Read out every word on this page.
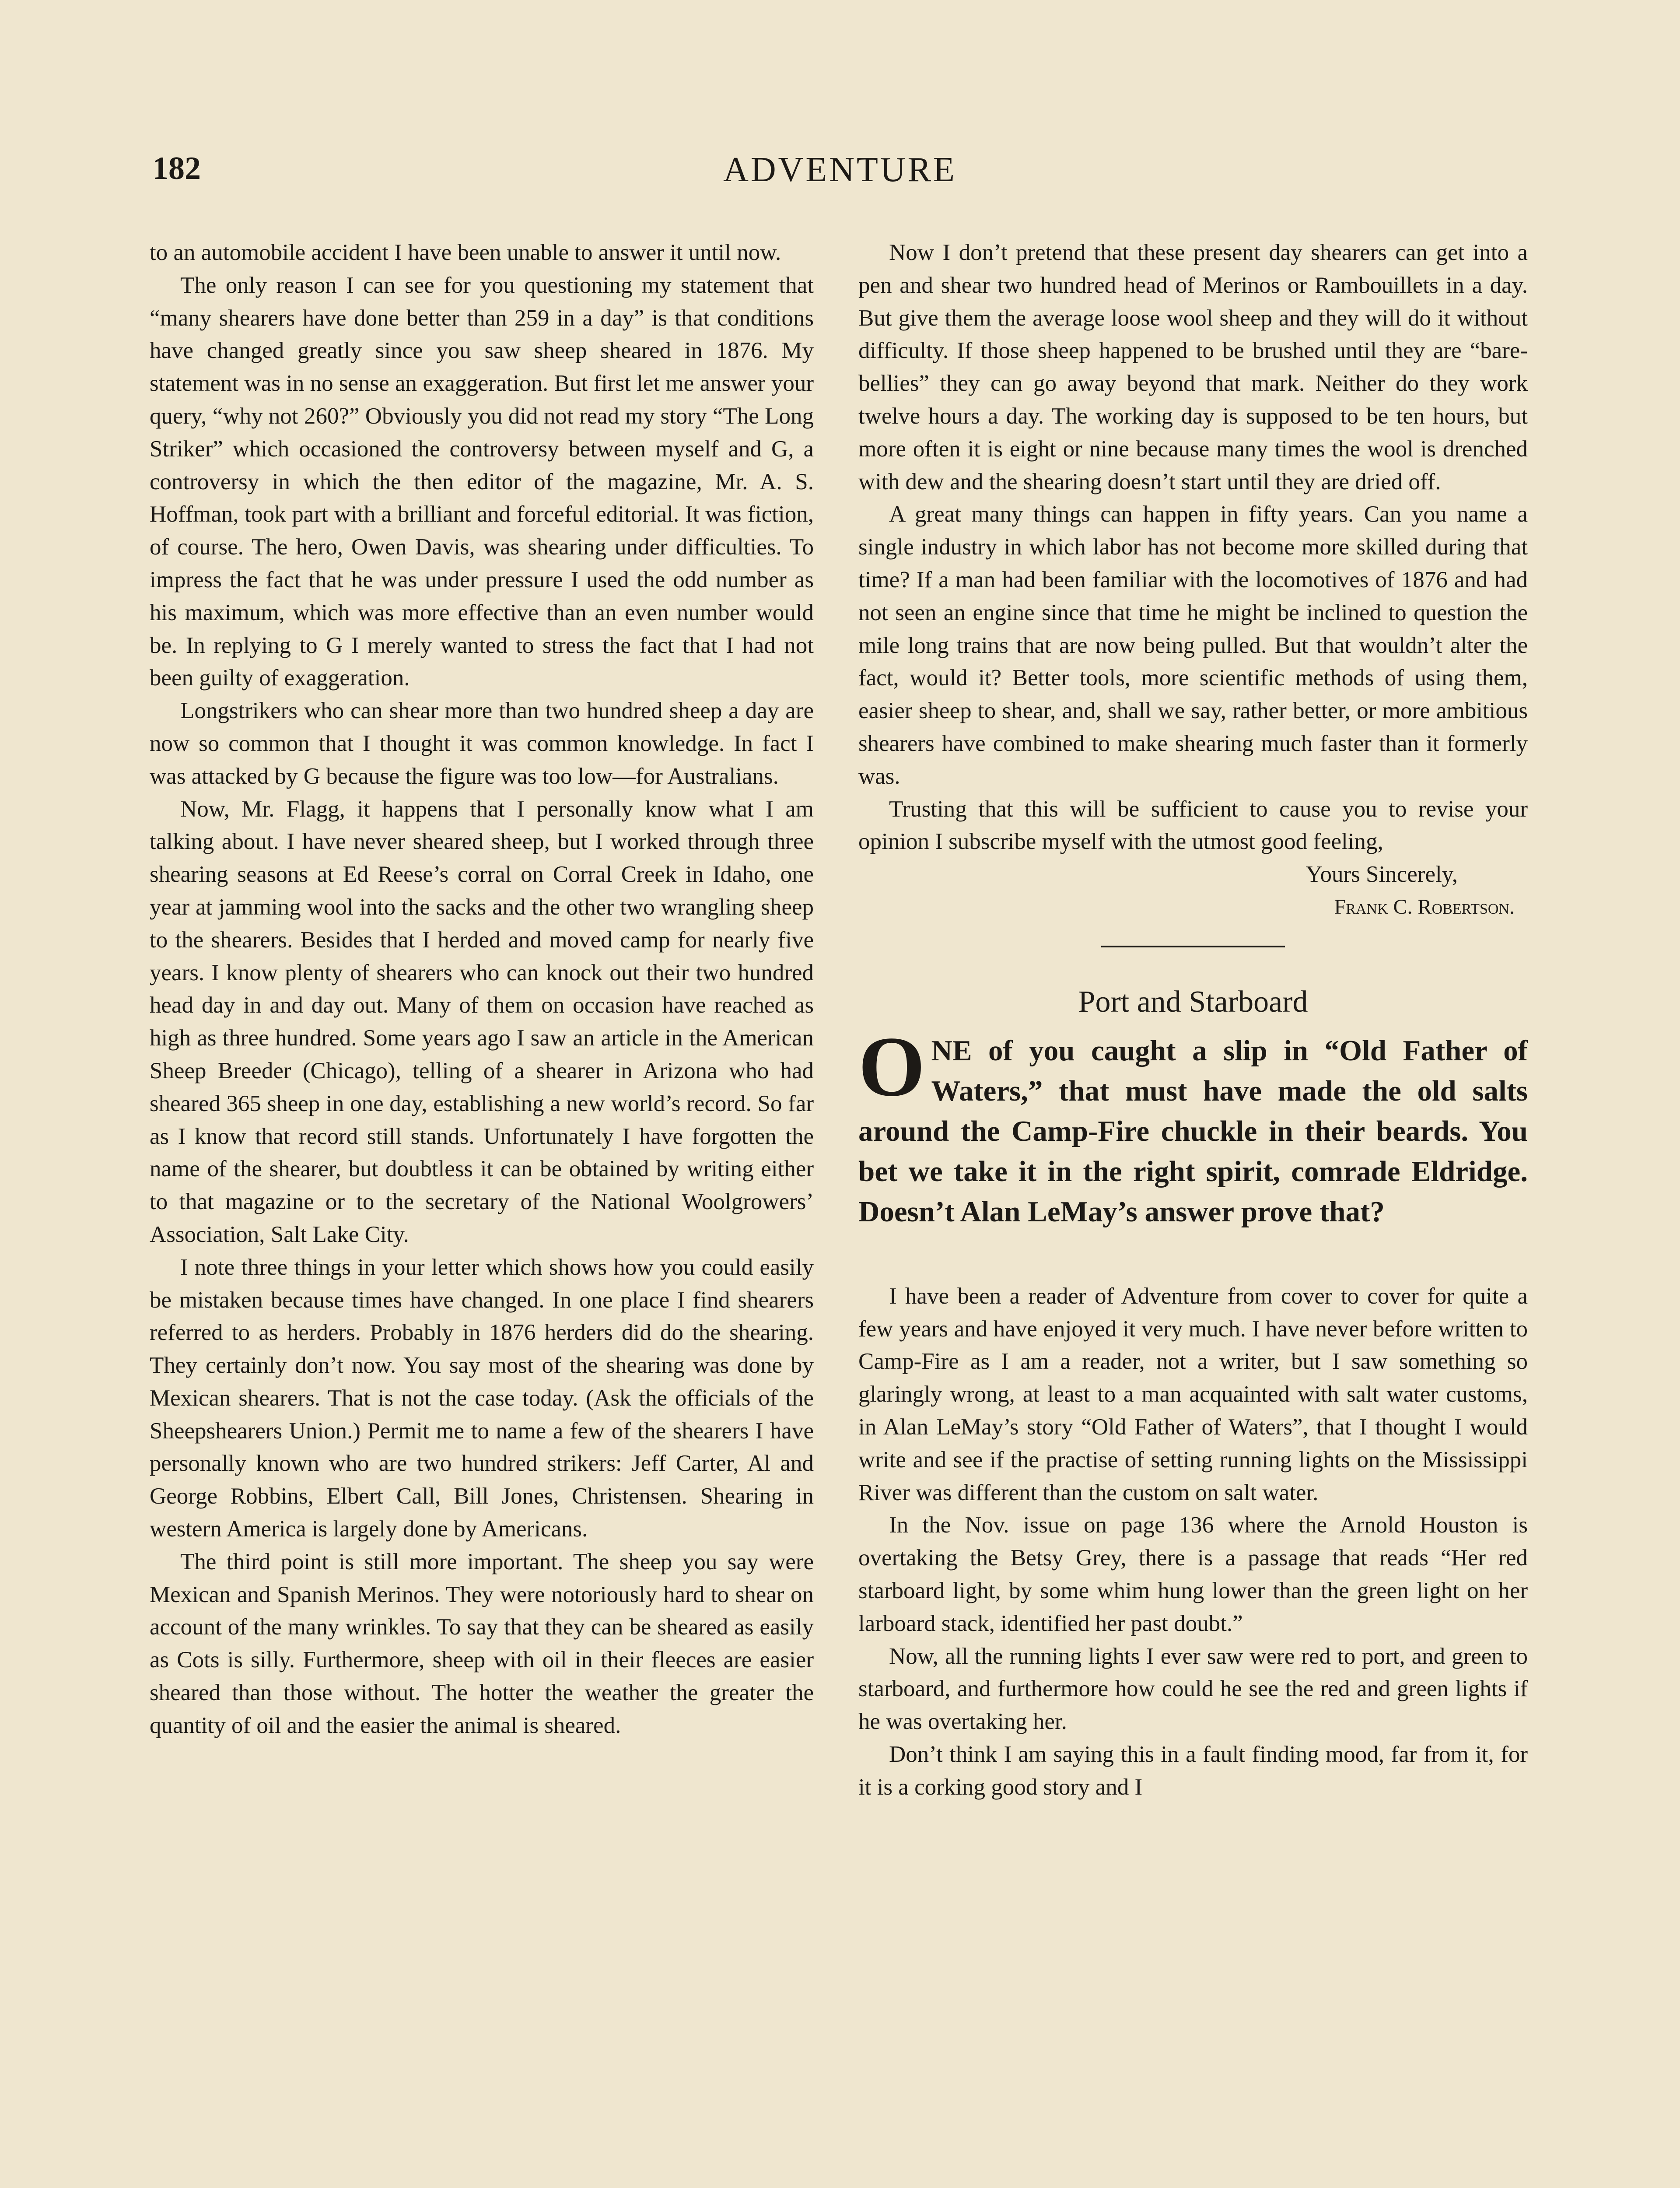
182	ADVENTURE

to an automobile accident I have been unable to answer it until now.

The only reason I can see for you questioning my statement that “many shearers have done better than 259 in a day” is that conditions have changed greatly since you saw sheep sheared in 1876. My statement was in no sense an exaggeration. But first let me answer your query, “why not 260?” Obviously you did not read my story “The Long Striker” which occasioned the controversy between myself and G, a controversy in which the then editor of the magazine, Mr. A. S. Hoffman, took part with a brilliant and forceful editorial. It was fiction, of course. The hero, Owen Davis, was shearing under difficulties. To impress the fact that he was under pressure I used the odd number as his maximum, which was more effective than an even number would be. In replying to G I merely wanted to stress the fact that I had not been guilty of exaggeration.

Longstrikers who can shear more than two hundred sheep a day are now so common that I thought it was common knowledge. In fact I was attacked by G because the figure was too low—for Australians.

Now, Mr. Flagg, it happens that I personally know what I am talking about. I have never sheared sheep, but I worked through three shearing seasons at Ed Reese’s corral on Corral Creek in Idaho, one year at jamming wool into the sacks and the other two wrangling sheep to the shearers. Besides that I herded and moved camp for nearly five years. I know plenty of shearers who can knock out their two hundred head day in and day out. Many of them on occasion have reached as high as three hundred. Some years ago I saw an article in the American Sheep Breeder (Chicago), telling of a shearer in Arizona who had sheared 365 sheep in one day, establishing a new world’s record. So far as I know that record still stands. Unfortunately I have forgotten the name of the shearer, but doubtless it can be obtained by writing either to that magazine or to the secretary of the National Woolgrowers’ Association, Salt Lake City.

I note three things in your letter which shows how you could easily be mistaken because times have changed. In one place I find shearers referred to as herders. Probably in 1876 herders did do the shearing. They certainly don’t now. You say most of the shearing was done by Mexican shearers. That is not the case today. (Ask the officials of the Sheepshearers Union.) Permit me to name a few of the shearers I have personally known who are two hundred strikers: Jeff Carter, Al and George Robbins, Elbert Call, Bill Jones, Christensen. Shearing in western America is largely done by Americans.

The third point is still more important. The sheep you say were Mexican and Spanish Merinos. They were notoriously hard to shear on account of the many wrinkles. To say that they can be sheared as easily as Cots is silly. Furthermore, sheep with oil in their fleeces are easier sheared than those without. The hotter the weather the greater the quantity of oil and the easier the animal is sheared.

Now I don’t pretend that these present day shearers can get into a pen and shear two hundred head of Merinos or Rambouillets in a day. But give them the average loose wool sheep and they will do it without difficulty. If those sheep happened to be brushed until they are “bare-bellies” they can go away beyond that mark. Neither do they work twelve hours a day. The working day is supposed to be ten hours, but more often it is eight or nine because many times the wool is drenched with dew and the shearing doesn’t start until they are dried off.

A great many things can happen in fifty years. Can you name a single industry in which labor has not become more skilled during that time? If a man had been familiar with the locomotives of 1876 and had not seen an engine since that time he might be inclined to question the mile long trains that are now being pulled. But that wouldn’t alter the fact, would it? Better tools, more scientific methods of using them, easier sheep to shear, and, shall we say, rather better, or more ambitious shearers have combined to make shearing much faster than it formerly was.

Trusting that this will be sufficient to cause you to revise your opinion I subscribe myself with the utmost good feeling,

Yours Sincerely,
Frank C. Robertson.
Port and Starboard
O NE of you caught a slip in “Old Father of Waters,” that must have made the old salts around the Camp-Fire chuckle in their beards. You bet we take it in the right spirit, comrade Eldridge. Doesn’t Alan LeMay’s answer prove that?

I have been a reader of Adventure from cover to cover for quite a few years and have enjoyed it very much. I have never before written to Camp-Fire as I am a reader, not a writer, but I saw something so glaringly wrong, at least to a man acquainted with salt water customs, in Alan LeMay’s story “Old Father of Waters”, that I thought I would write and see if the practise of setting running lights on the Mississippi River was different than the custom on salt water.

In the Nov. issue on page 136 where the Arnold Houston is overtaking the Betsy Grey, there is a passage that reads “Her red starboard light, by some whim hung lower than the green light on her larboard stack, identified her past doubt.”

Now, all the running lights I ever saw were red to port, and green to starboard, and furthermore how could he see the red and green lights if he was overtaking her.

Don’t think I am saying this in a fault finding mood, far from it, for it is a corking good story and I
